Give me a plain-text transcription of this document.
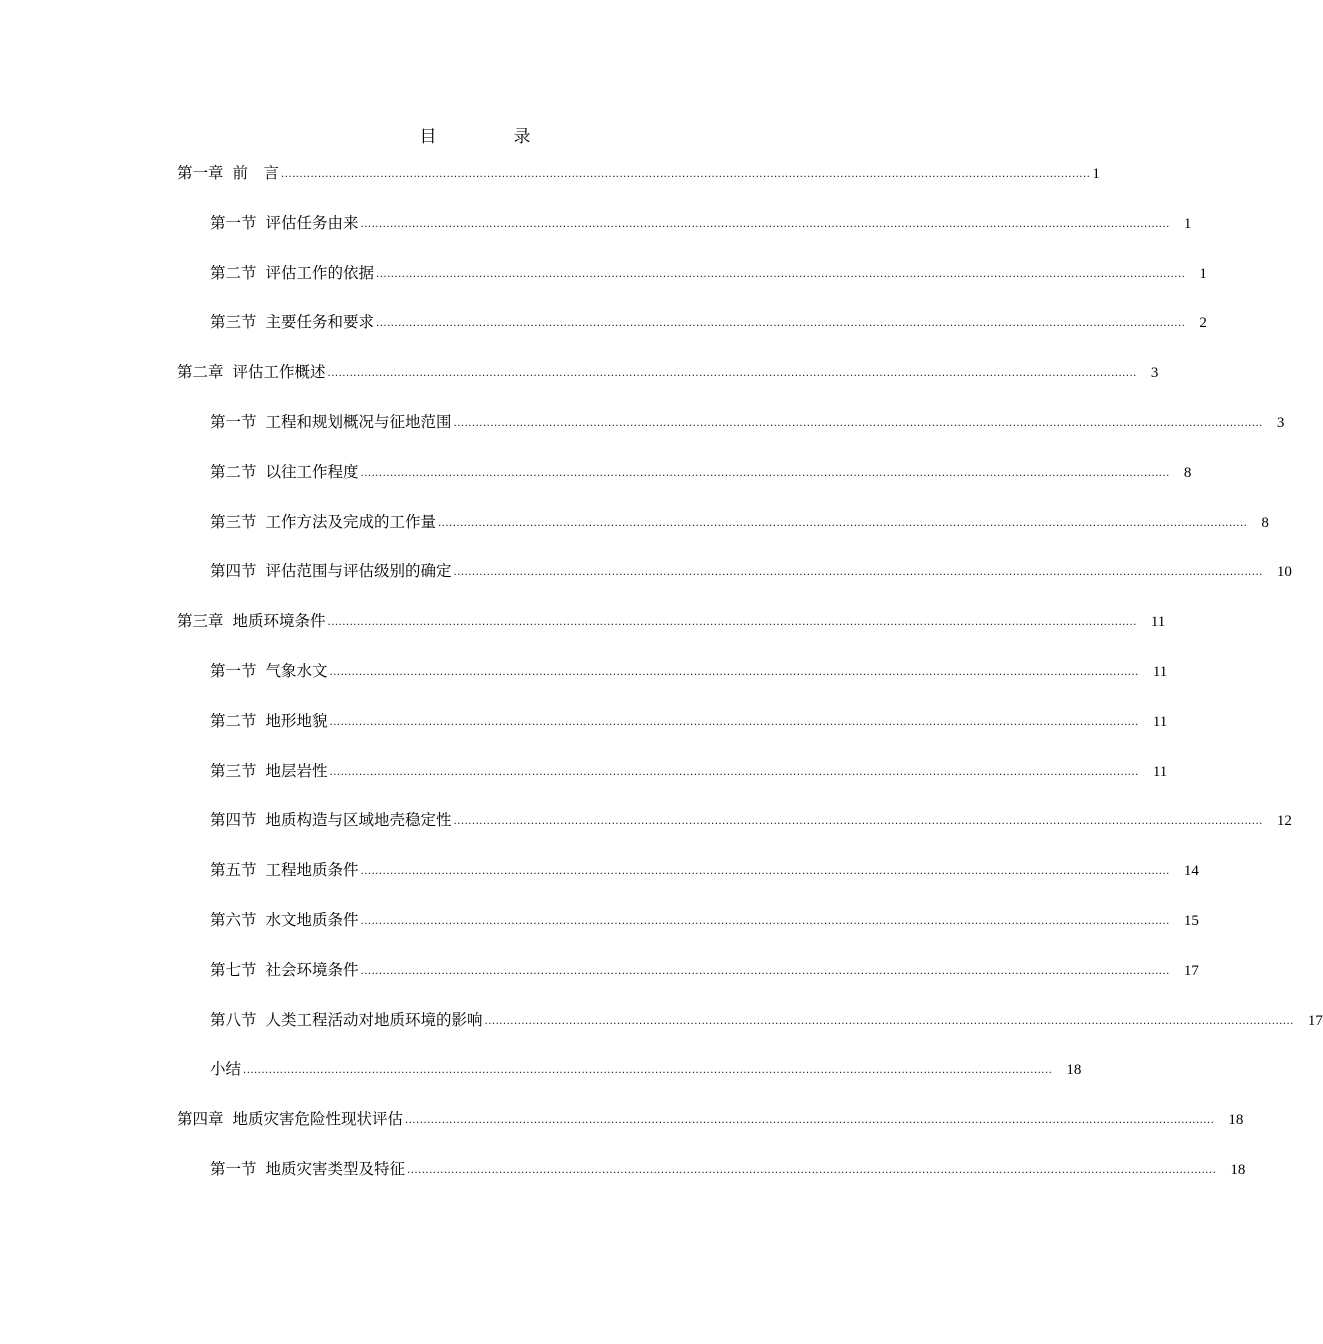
目　录
第一章 前　言 ............................................................................................................................................................................................................................ 1
第一节 评估任务由来 ............................................................................................................................................................................................................................ 1
第二节 评估工作的依据 ............................................................................................................................................................................................................................ 1
第三节 主要任务和要求 ............................................................................................................................................................................................................................ 2
第二章 评估工作概述 ............................................................................................................................................................................................................................ 3
第一节 工程和规划概况与征地范围 ............................................................................................................................................................................................................................ 3
第二节 以往工作程度 ............................................................................................................................................................................................................................ 8
第三节 工作方法及完成的工作量 ............................................................................................................................................................................................................................ 8
第四节 评估范围与评估级别的确定 ............................................................................................................................................................................................................................ 10
第三章 地质环境条件 ............................................................................................................................................................................................................................ 11
第一节 气象水文 ............................................................................................................................................................................................................................ 11
第二节 地形地貌 ............................................................................................................................................................................................................................ 11
第三节 地层岩性 ............................................................................................................................................................................................................................ 11
第四节 地质构造与区域地壳稳定性 ............................................................................................................................................................................................................................ 12
第五节 工程地质条件 ............................................................................................................................................................................................................................ 14
第六节 水文地质条件 ............................................................................................................................................................................................................................ 15
第七节 社会环境条件 ............................................................................................................................................................................................................................ 17
第八节 人类工程活动对地质环境的影响 ............................................................................................................................................................................................................................ 17
小结 ............................................................................................................................................................................................................................ 18
第四章 地质灾害危险性现状评估 ............................................................................................................................................................................................................................ 18
第一节 地质灾害类型及特征 ............................................................................................................................................................................................................................ 18
